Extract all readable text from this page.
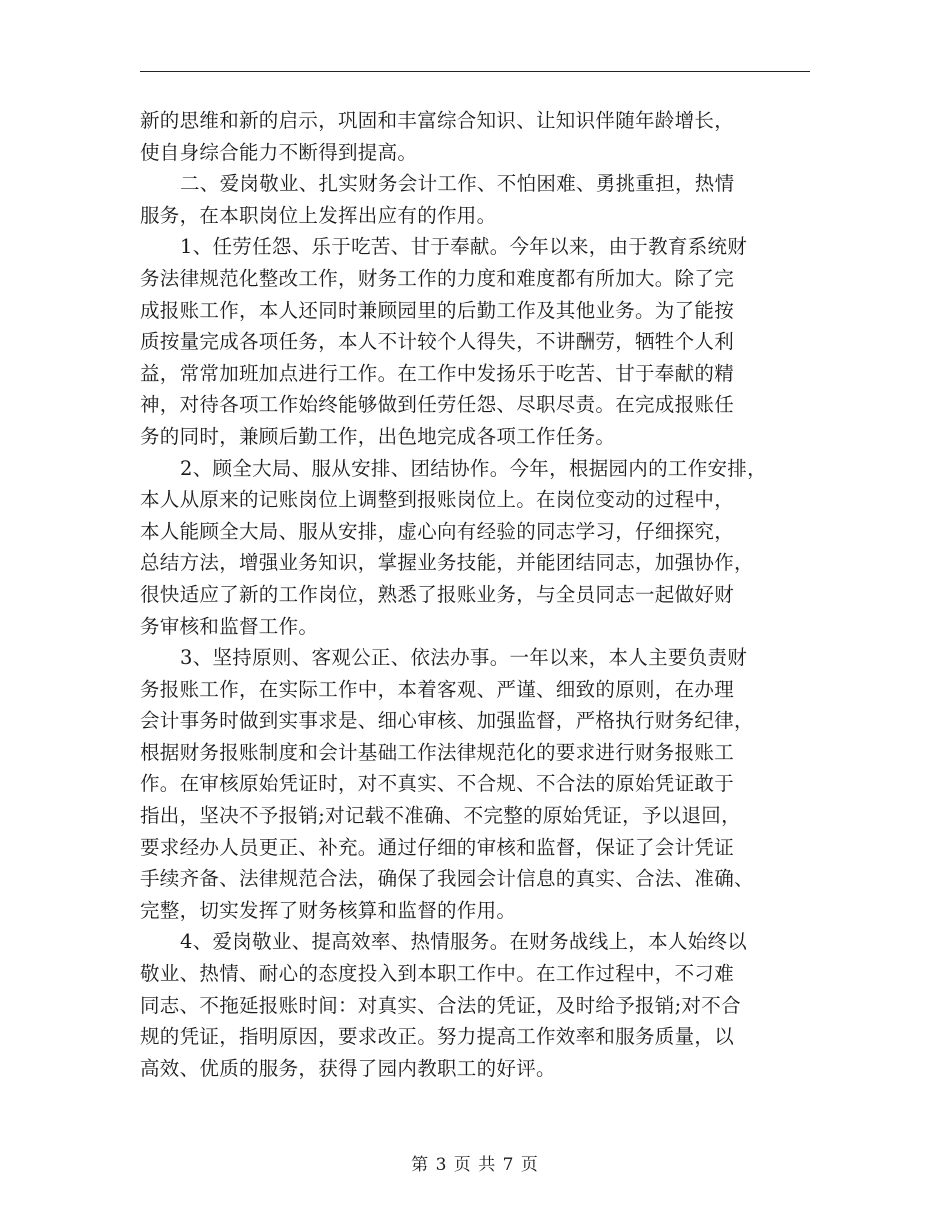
新的思维和新的启示，巩固和丰富综合知识、让知识伴随年龄增长，
使自身综合能力不断得到提高。
二、爱岗敬业、扎实财务会计工作、不怕困难、勇挑重担，热情
服务，在本职岗位上发挥出应有的作用。
1、任劳任怨、乐于吃苦、甘于奉献。今年以来，由于教育系统财
务法律规范化整改工作，财务工作的力度和难度都有所加大。除了完
成报账工作，本人还同时兼顾园里的后勤工作及其他业务。为了能按
质按量完成各项任务，本人不计较个人得失，不讲酬劳，牺牲个人利
益，常常加班加点进行工作。在工作中发扬乐于吃苦、甘于奉献的精
神，对待各项工作始终能够做到任劳任怨、尽职尽责。在完成报账任
务的同时，兼顾后勤工作，出色地完成各项工作任务。
2、顾全大局、服从安排、团结协作。今年，根据园内的工作安排，
本人从原来的记账岗位上调整到报账岗位上。在岗位变动的过程中，
本人能顾全大局、服从安排，虚心向有经验的同志学习，仔细探究，
总结方法，增强业务知识，掌握业务技能，并能团结同志，加强协作，
很快适应了新的工作岗位，熟悉了报账业务，与全员同志一起做好财
务审核和监督工作。
3、坚持原则、客观公正、依法办事。一年以来，本人主要负责财
务报账工作，在实际工作中，本着客观、严谨、细致的原则，在办理
会计事务时做到实事求是、细心审核、加强监督，严格执行财务纪律，
根据财务报账制度和会计基础工作法律规范化的要求进行财务报账工
作。在审核原始凭证时，对不真实、不合规、不合法的原始凭证敢于
指出，坚决不予报销;对记载不准确、不完整的原始凭证，予以退回，
要求经办人员更正、补充。通过仔细的审核和监督，保证了会计凭证
手续齐备、法律规范合法，确保了我园会计信息的真实、合法、准确、
完整，切实发挥了财务核算和监督的作用。
4、爱岗敬业、提高效率、热情服务。在财务战线上，本人始终以
敬业、热情、耐心的态度投入到本职工作中。在工作过程中，不刁难
同志、不拖延报账时间：对真实、合法的凭证，及时给予报销;对不合
规的凭证，指明原因，要求改正。努力提高工作效率和服务质量，以
高效、优质的服务，获得了园内教职工的好评。
第 3 页 共 7 页
